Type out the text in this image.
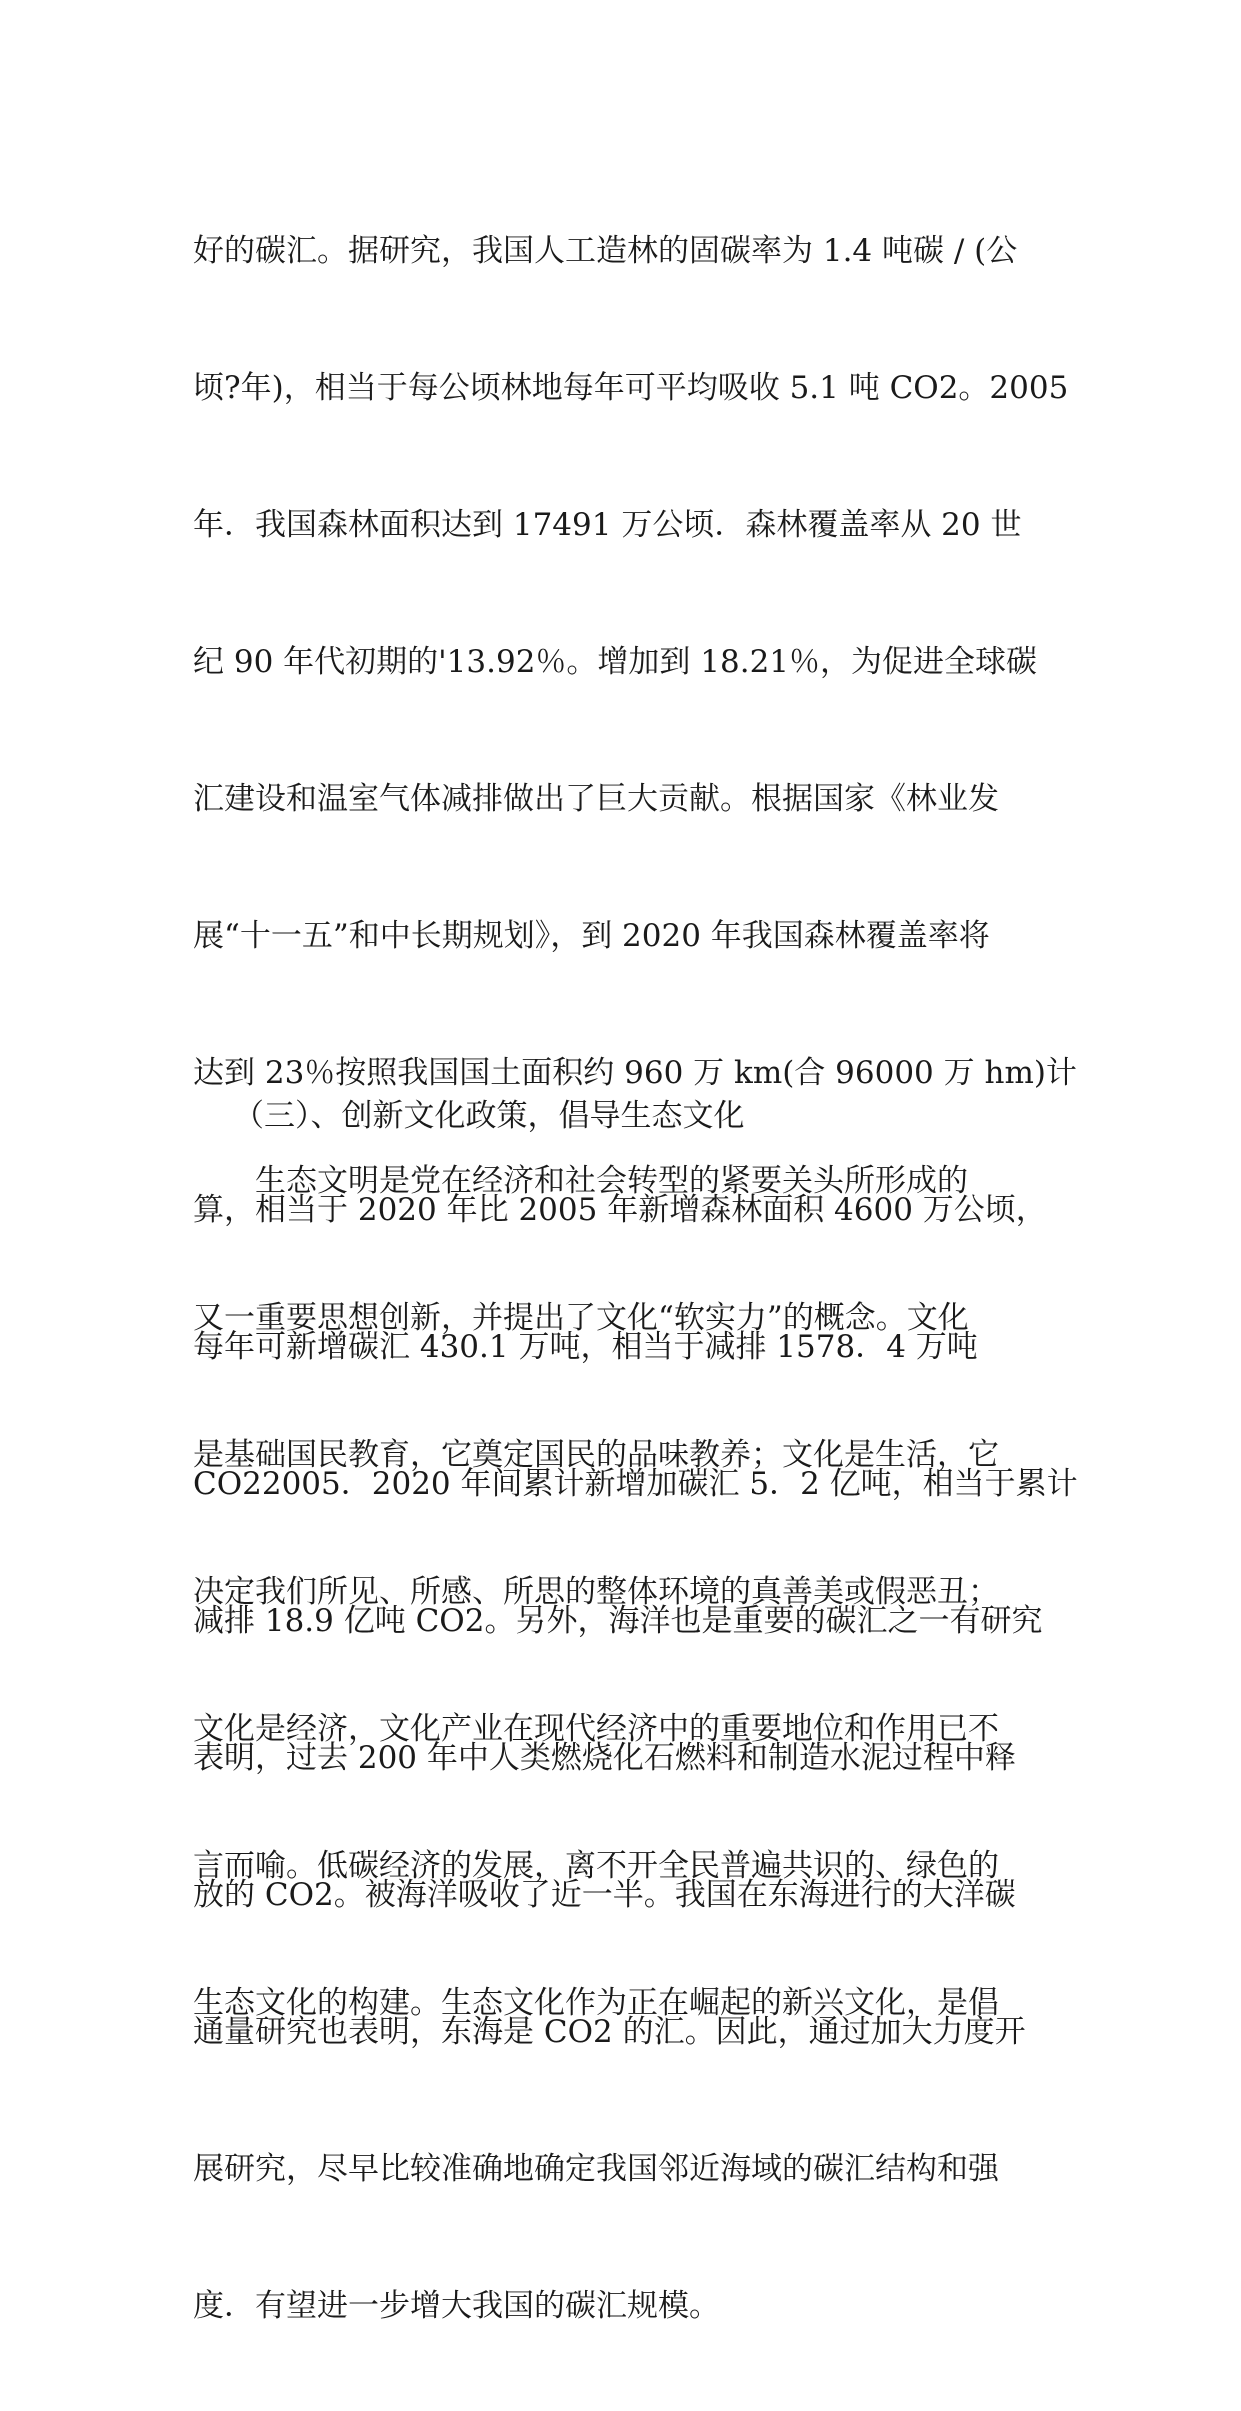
好的碳汇。据研究，我国人工造林的固碳率为 1.4 吨碳 / (公

顷?年)，相当于每公顷林地每年可平均吸收 5.1 吨 CO2。2005

年．我国森林面积达到 17491 万公顷．森林覆盖率从 20 世

纪 90 年代初期的'13.92％。增加到 18.21％，为促进全球碳

汇建设和温室气体减排做出了巨大贡献。根据国家《林业发

展“十一五”和中长期规划》，到 2020 年我国森林覆盖率将

达到 23％按照我国国土面积约 960 万 km(合 96000 万 hm)计

算，相当于 2020 年比 2005 年新增森林面积 4600 万公顷，

每年可新增碳汇 430.1 万吨，相当于减排 1578．4 万吨

CO22005．2020 年间累计新增加碳汇 5．2 亿吨，相当于累计

减排 18.9 亿吨 CO2。另外，海洋也是重要的碳汇之一有研究

表明，过去 200 年中人类燃烧化石燃料和制造水泥过程中释

放的 CO2。被海洋吸收了近一半。我国在东海进行的大洋碳

通量研究也表明，东海是 CO2 的汇。因此，通过加大力度开

展研究，尽早比较准确地确定我国邻近海域的碳汇结构和强

度．有望进一步增大我国的碳汇规模。

（三）、创新文化政策，倡导生态文化

生态文明是党在经济和社会转型的紧要关头所形成的

又一重要思想创新，并提出了文化“软实力”的概念。文化

是基础国民教育，它奠定国民的品味教养；文化是生活，它

决定我们所见、所感、所思的整体环境的真善美或假恶丑；

文化是经济，文化产业在现代经济中的重要地位和作用已不

言而喻。低碳经济的发展，离不开全民普遍共识的、绿色的

生态文化的构建。生态文化作为正在崛起的新兴文化，是倡
